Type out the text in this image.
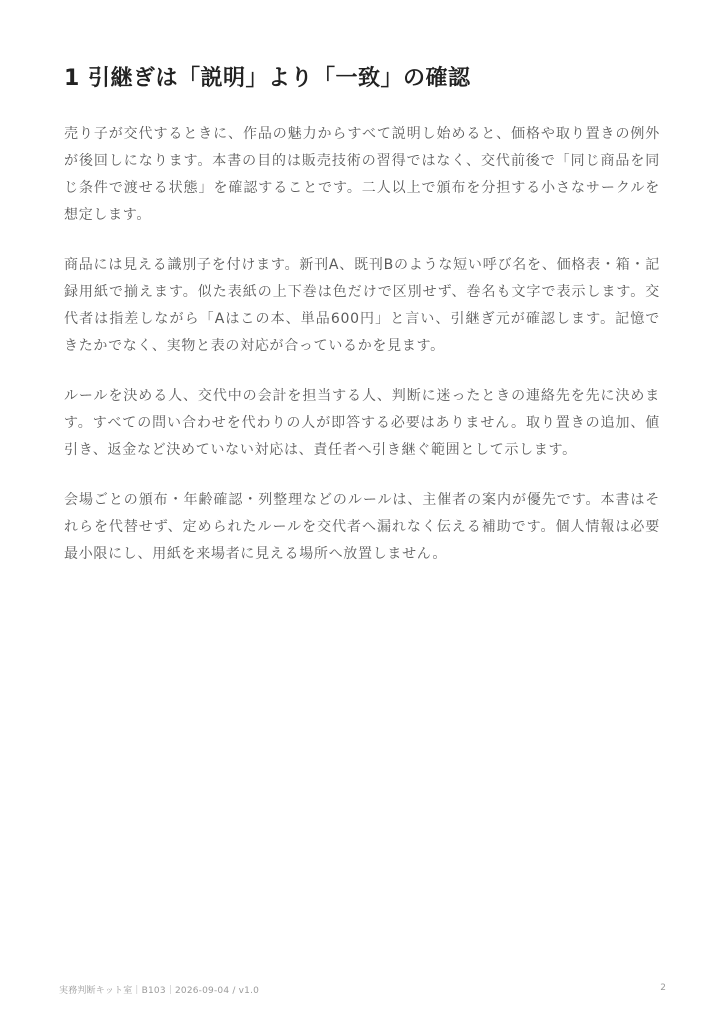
1 引継ぎは「説明」より「一致」の確認

売り子が交代するときに、作品の魅力からすべて説明し始めると、価格や取り置きの例外が後回しになります。本書の目的は販売技術の習得ではなく、交代前後で「同じ商品を同じ条件で渡せる状態」を確認することです。二人以上で頒布を分担する小さなサークルを想定します。

商品には見える識別子を付けます。新刊A、既刊Bのような短い呼び名を、価格表・箱・記録用紙で揃えます。似た表紙の上下巻は色だけで区別せず、巻名も文字で表示します。交代者は指差しながら「Aはこの本、単品600円」と言い、引継ぎ元が確認します。記憶できたかでなく、実物と表の対応が合っているかを見ます。

ルールを決める人、交代中の会計を担当する人、判断に迷ったときの連絡先を先に決めます。すべての問い合わせを代わりの人が即答する必要はありません。取り置きの追加、値引き、返金など決めていない対応は、責任者へ引き継ぐ範囲として示します。

会場ごとの頒布・年齢確認・列整理などのルールは、主催者の案内が優先です。本書はそれらを代替せず、定められたルールを交代者へ漏れなく伝える補助です。個人情報は必要最小限にし、用紙を来場者に見える場所へ放置しません。

実務判断キット室｜B103｜2026-09-04 / v1.0	2
